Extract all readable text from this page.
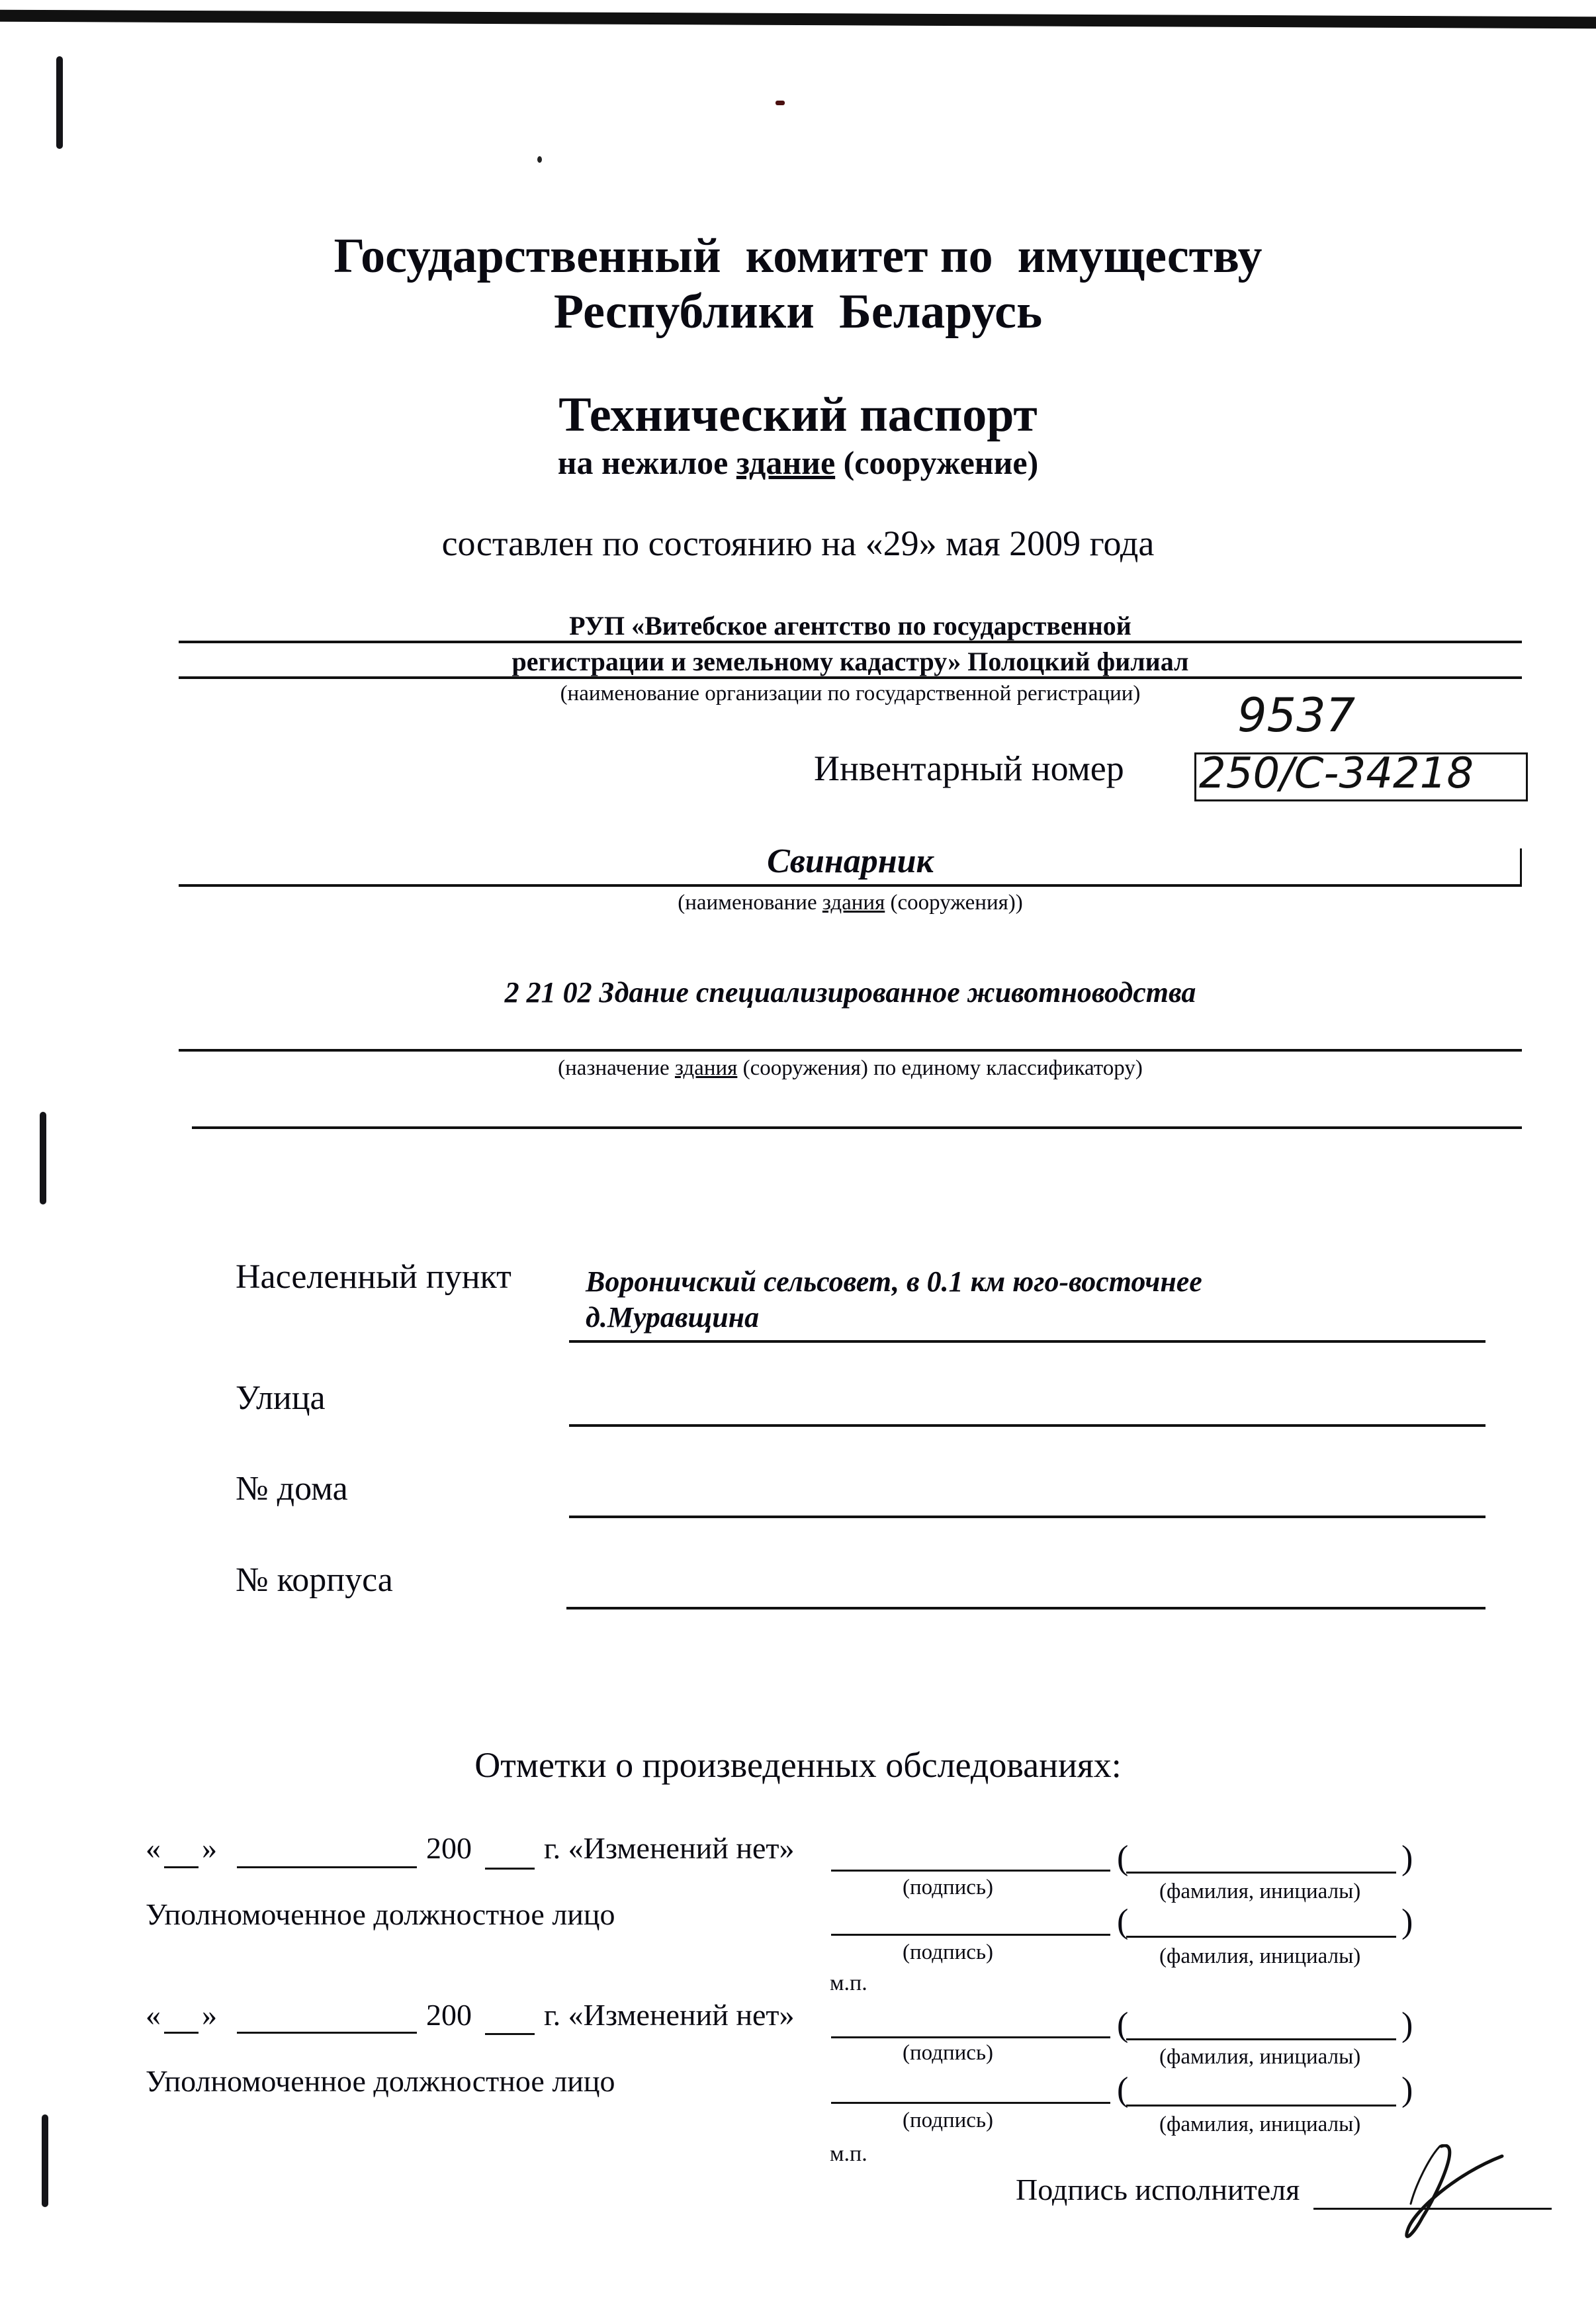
Государственный  комитет по  имуществу
Республики  Беларусь
Технический паспорт
на нежилое здание (сооружение)
составлен по состоянию на «29» мая 2009 года
РУП «Витебское агентство по государственной
регистрации и земельному кадастру» Полоцкий филиал
(наименование организации по государственной регистрации)	9537
Инвентарный номер 250/С-34218
Свинарник
(наименование здания (сооружения))
2 21 02 Здание специализированное животноводства
(назначение здания (сооружения) по единому классификатору)
Населенный пункт	Вороничский сельсовет, в 0.1 км юго-восточнее
д.Муравщина
Улица
№ дома
№ корпуса
Отметки о произведенных обследованиях:
« »	200 г. «Изменений нет»	(	)
(подпись)	(фамилия, инициалы)
Уполномоченное должностное лицо	(	)
(подпись)	(фамилия, инициалы)
м.п.
« »	200 г. «Изменений нет»	(	)
(подпись)	(фамилия, инициалы)
Уполномоченное должностное лицо	(	)
(подпись)	(фамилия, инициалы)
м.п.
Подпись исполнителя
